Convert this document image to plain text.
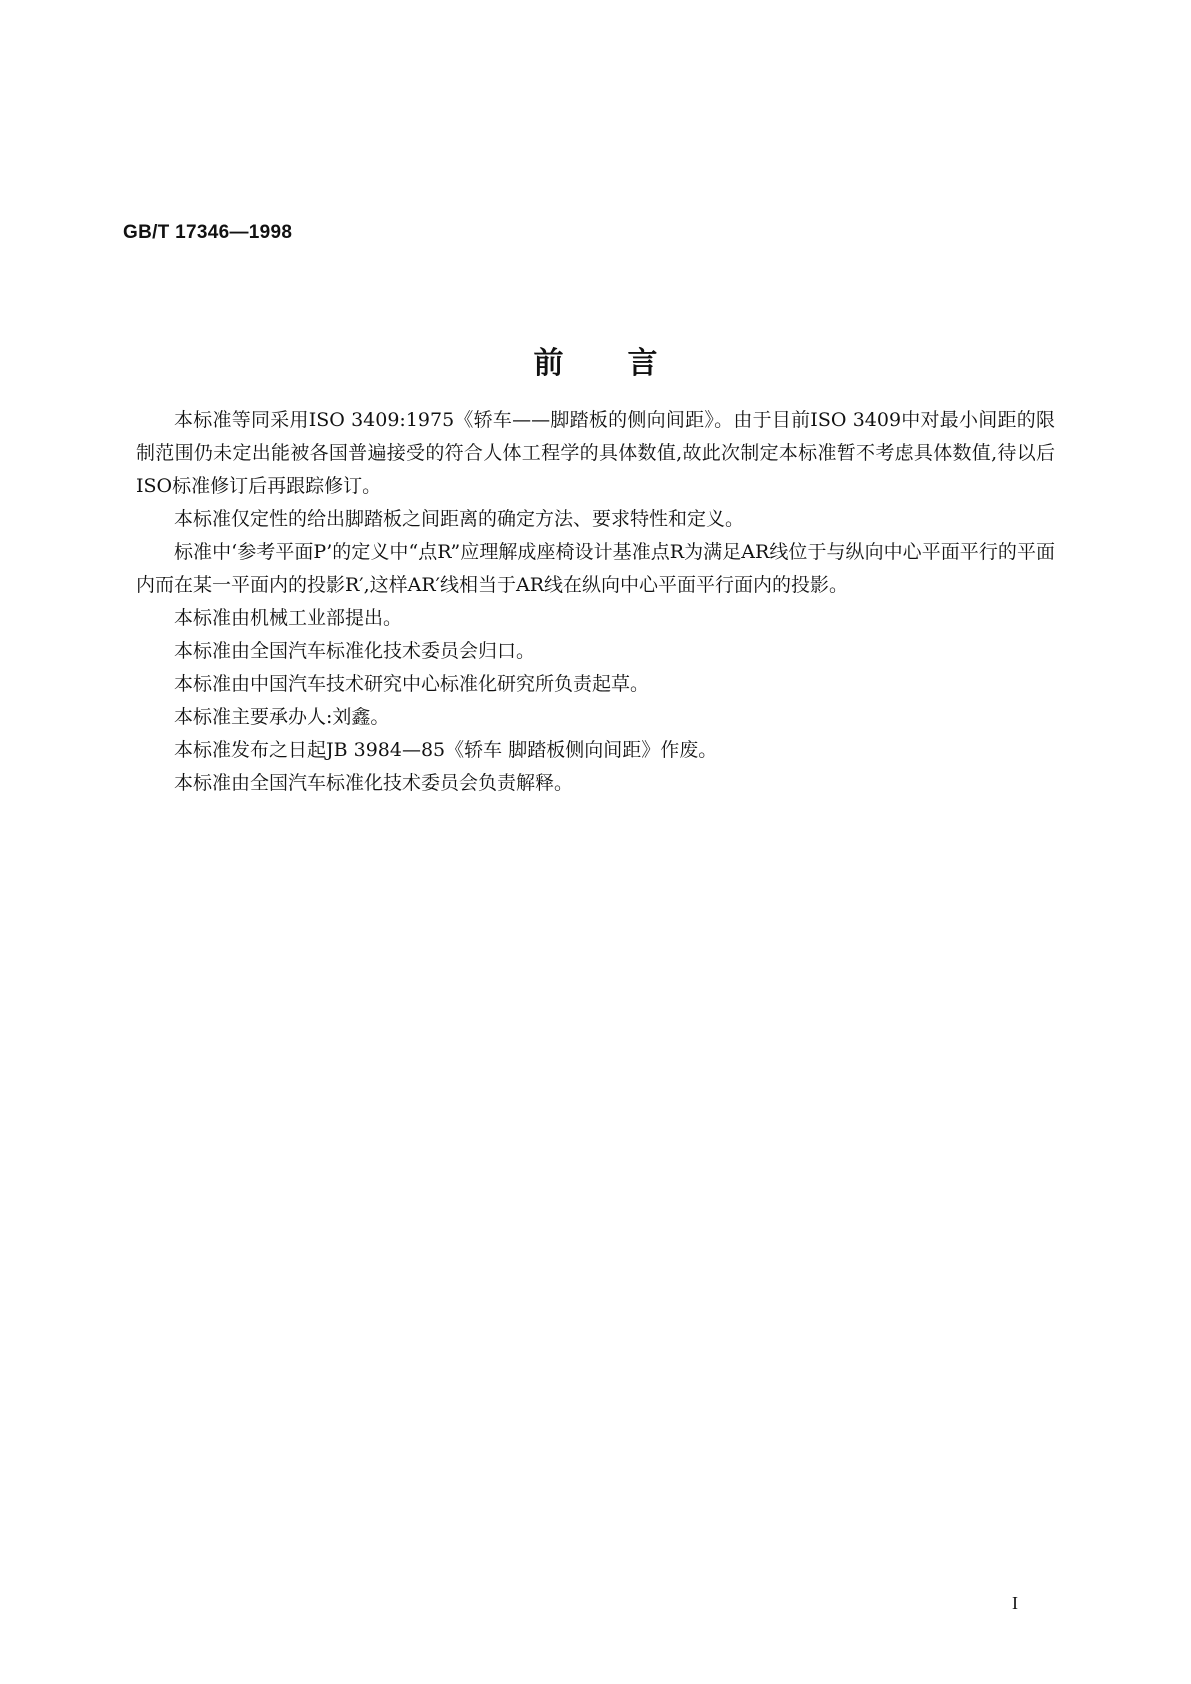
GB/T 17346—1998
前言

本标准等同采用ISO 3409:1975《轿车——脚踏板的侧向间距》。由于目前ISO 3409中对最小间距的限制范围仍未定出能被各国普遍接受的符合人体工程学的具体数值,故此次制定本标准暂不考虑具体数值,待以后ISO标准修订后再跟踪修订。

本标准仅定性的给出脚踏板之间距离的确定方法、要求特性和定义。

标准中‘参考平面P’的定义中“点R”应理解成座椅设计基准点R为满足AR线位于与纵向中心平面平行的平面内而在某一平面内的投影R′,这样AR′线相当于AR线在纵向中心平面平行面内的投影。

本标准由机械工业部提出。

本标准由全国汽车标准化技术委员会归口。

本标准由中国汽车技术研究中心标准化研究所负责起草。

本标准主要承办人:刘鑫。

本标准发布之日起JB 3984—85《轿车 脚踏板侧向间距》作废。

本标准由全国汽车标准化技术委员会负责解释。

I
